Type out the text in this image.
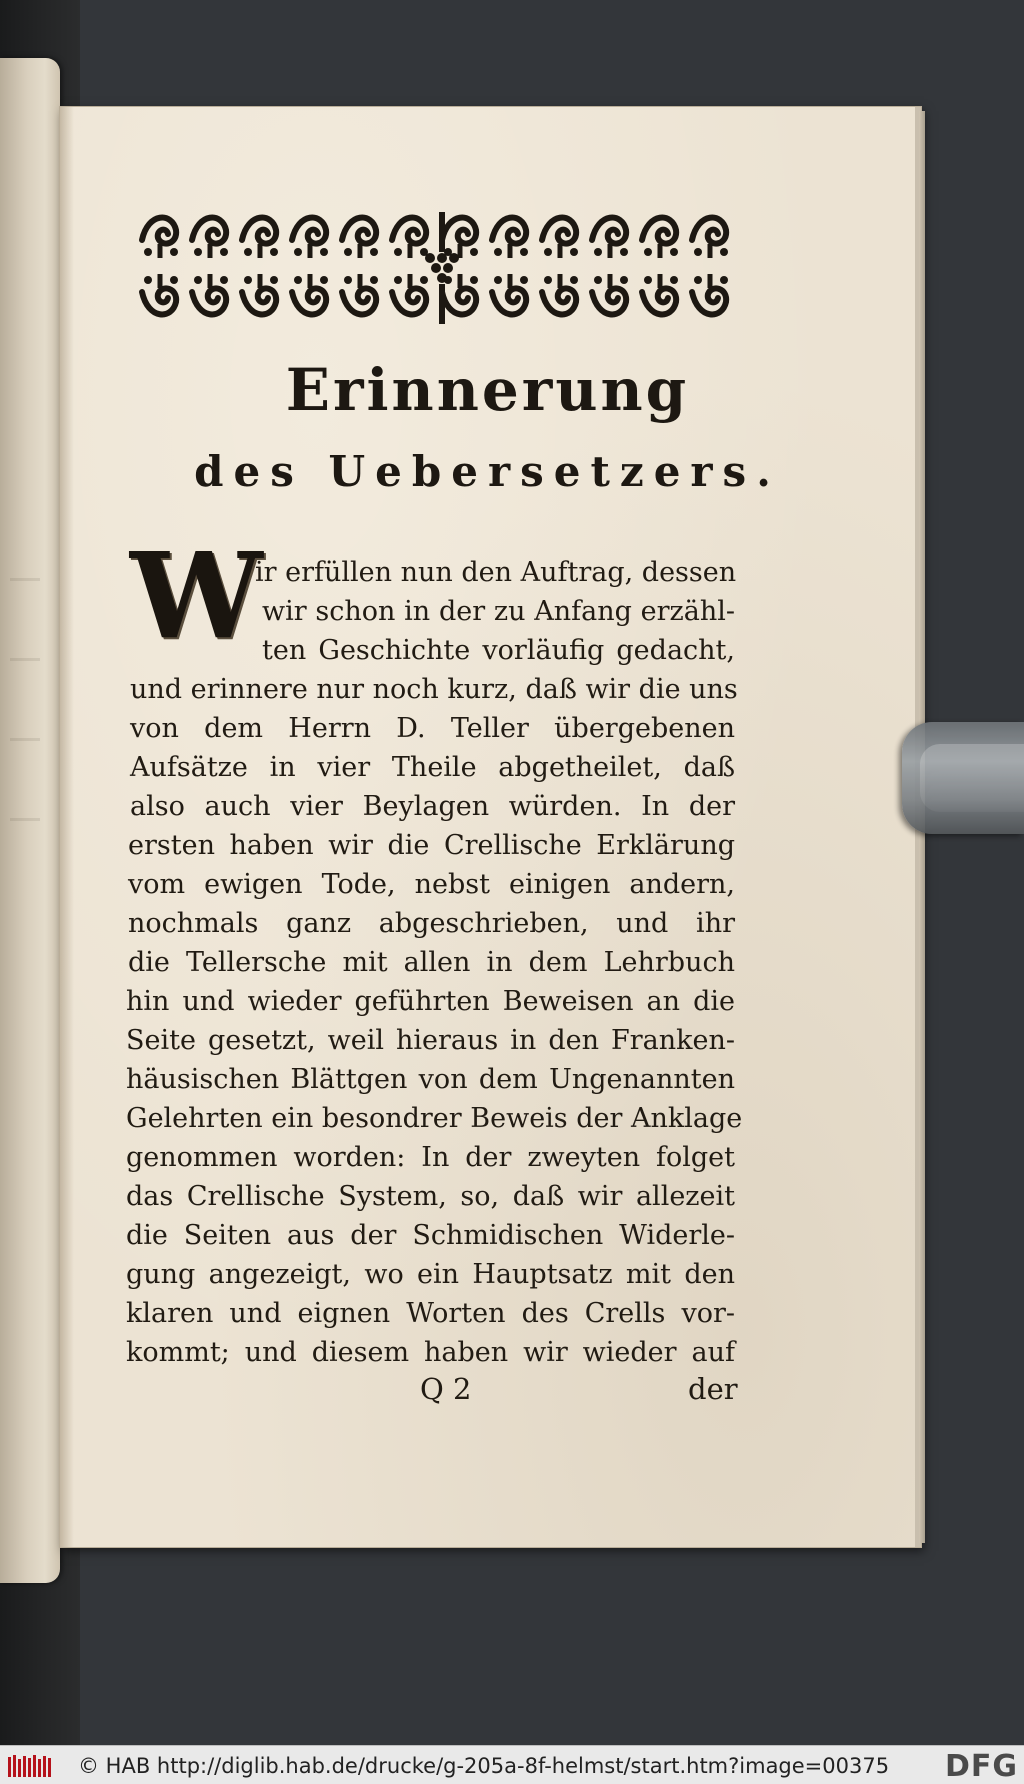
Erinnerung
des Uebersetzers.
W
ir erfüllen nun den Auftrag, dessen
wir schon in der zu Anfang erzähl-
ten Geschichte vorläufig gedacht,
und erinnere nur noch kurz, daß wir die uns
von dem Herrn D. Teller übergebenen
Aufsätze in vier Theile abgetheilet, daß
also auch vier Beylagen würden. In der
ersten haben wir die Crellische Erklärung
vom ewigen Tode, nebst einigen andern,
nochmals ganz abgeschrieben, und ihr
die Tellersche mit allen in dem Lehrbuch
hin und wieder geführten Beweisen an die
Seite gesetzt, weil hieraus in den Franken-
häusischen Blättgen von dem Ungenannten
Gelehrten ein besondrer Beweis der Anklage
genommen worden: In der zweyten folget
das Crellische System, so, daß wir allezeit
die Seiten aus der Schmidischen Widerle-
gung angezeigt, wo ein Hauptsatz mit den
klaren und eignen Worten des Crells vor-
kommt; und diesem haben wir wieder auf
Q 2	der
© HAB http://diglib.hab.de/drucke/g-205a-8f-helmst/start.htm?image=00375 DFG
